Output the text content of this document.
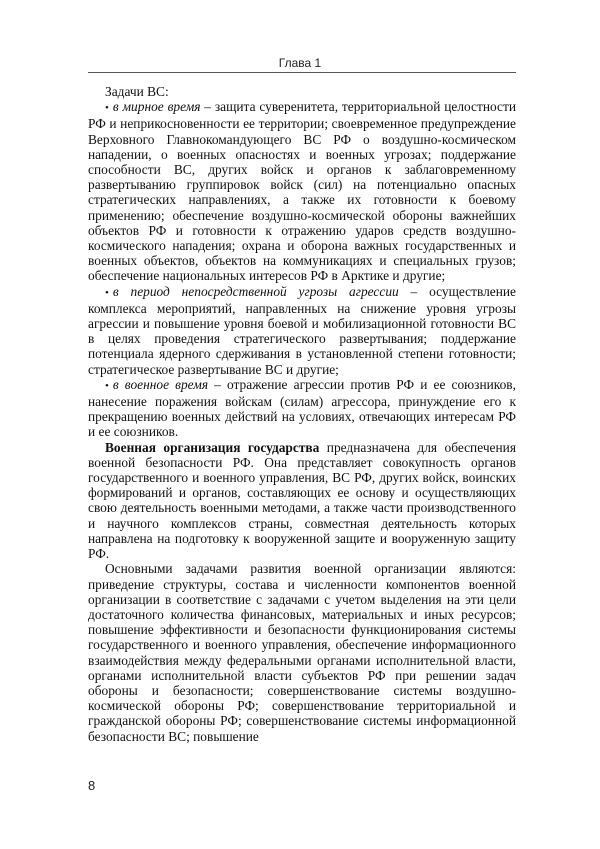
Глава 1

Задачи ВС:

• в мирное время – защита суверенитета, территориальной целостности РФ и неприкосновенности ее территории; своевременное предупреждение Верховного Главнокомандующего ВС РФ о воздушно-космическом нападении, о военных опасностях и военных угрозах; поддержание способности ВС, других войск и органов к заблаговременному развертыванию группировок войск (сил) на потенциально опасных стратегических направлениях, а также их готовности к боевому применению; обеспечение воздушно-космической обороны важнейших объектов РФ и готовности к отражению ударов средств воздушно-космического нападения; охрана и оборона важных государственных и военных объектов, объектов на коммуникациях и специальных грузов; обеспечение национальных интересов РФ в Арктике и другие;

• в период непосредственной угрозы агрессии – осуществление комплекса мероприятий, направленных на снижение уровня угрозы агрессии и повышение уровня боевой и мобилизационной готовности ВС в целях проведения стратегического развертывания; поддержание потенциала ядерного сдерживания в установленной степени готовности; стратегическое развертывание ВС и другие;

• в военное время – отражение агрессии против РФ и ее союзников, нанесение поражения войскам (силам) агрессора, принуждение его к прекращению военных действий на условиях, отвечающих интересам РФ и ее союзников.

Военная организация государства предназначена для обеспечения военной безопасности РФ. Она представляет совокупность органов государственного и военного управления, ВС РФ, других войск, воинских формирований и органов, составляющих ее основу и осуществляющих свою деятельность военными методами, а также части производственного и научного комплексов страны, совместная деятельность которых направлена на подготовку к вооруженной защите и вооруженную защиту РФ.

Основными задачами развития военной организации являются: приведение структуры, состава и численности компонентов военной организации в соответствие с задачами с учетом выделения на эти цели достаточного количества финансовых, материальных и иных ресурсов; повышение эффективности и безопасности функционирования системы государственного и военного управления, обеспечение информационного взаимодействия между федеральными органами исполнительной власти, органами исполнительной власти субъектов РФ при решении задач обороны и безопасности; совершенствование системы воздушно-космической обороны РФ; совершенствование территориальной и гражданской обороны РФ; совершенствование системы информационной безопасности ВС; повышение

8
